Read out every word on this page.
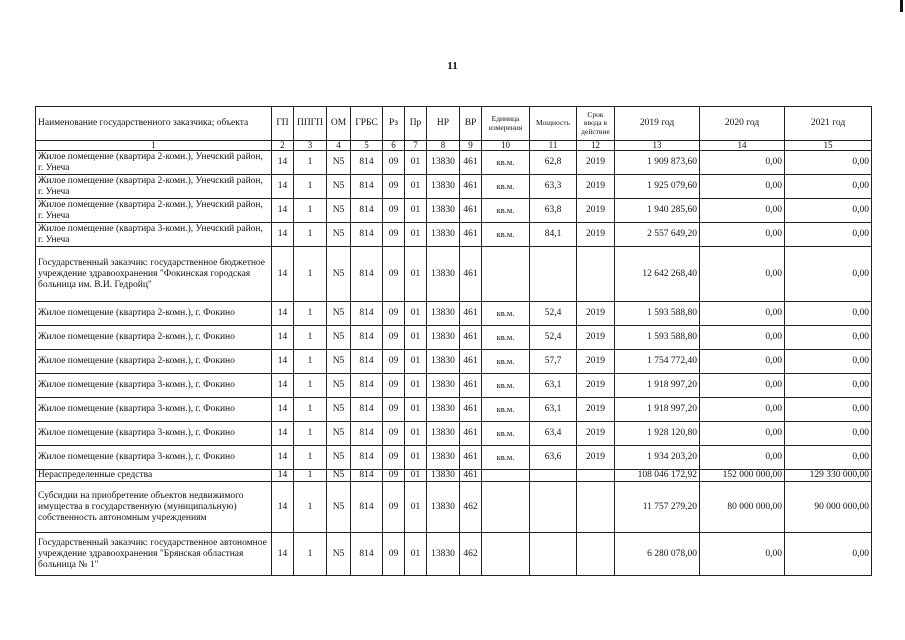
11
Наименование государственного заказчика; объекта	ГП	ППГП	ОМ	ГРБС	Рз	Пр	НР	ВР	Единица измерения	Мощность	Срок ввода в действие	2019 год	2020 год	2021 год
1	2	3	4	5	6	7	8	9	10	11	12	13	14	15
Жилое помещение (квартира 2-комн.), Унечский район, г. Унеча	14	1	N5	814	09	01	13830	461	кв.м.	62,8	2019	1 909 873,60	0,00	0,00
Жилое помещение (квартира 2-комн.), Унечский район, г. Унеча	14	1	N5	814	09	01	13830	461	кв.м.	63,3	2019	1 925 079,60	0,00	0,00
Жилое помещение (квартира 2-комн.), Унечский район, г. Унеча	14	1	N5	814	09	01	13830	461	кв.м.	63,8	2019	1 940 285,60	0,00	0,00
Жилое помещение (квартира 3-комн.), Унечский район, г. Унеча	14	1	N5	814	09	01	13830	461	кв.м.	84,1	2019	2 557 649,20	0,00	0,00
Государственный заказчик: государственное бюджетное учреждение здравоохранения "Фокинская городская больница им. В.И. Гедройц"	14	1	N5	814	09	01	13830	461				12 642 268,40	0,00	0,00
Жилое помещение (квартира 2-комн.), г. Фокино	14	1	N5	814	09	01	13830	461	кв.м.	52,4	2019	1 593 588,80	0,00	0,00
Жилое помещение (квартира 2-комн.), г. Фокино	14	1	N5	814	09	01	13830	461	кв.м.	52,4	2019	1 593 588,80	0,00	0,00
Жилое помещение (квартира 2-комн.), г. Фокино	14	1	N5	814	09	01	13830	461	кв.м.	57,7	2019	1 754 772,40	0,00	0,00
Жилое помещение (квартира 3-комн.), г. Фокино	14	1	N5	814	09	01	13830	461	кв.м.	63,1	2019	1 918 997,20	0,00	0,00
Жилое помещение (квартира 3-комн.), г. Фокино	14	1	N5	814	09	01	13830	461	кв.м.	63,1	2019	1 918 997,20	0,00	0,00
Жилое помещение (квартира 3-комн.), г. Фокино	14	1	N5	814	09	01	13830	461	кв.м.	63,4	2019	1 928 120,80	0,00	0,00
Жилое помещение (квартира 3-комн.), г. Фокино	14	1	N5	814	09	01	13830	461	кв.м.	63,6	2019	1 934 203,20	0,00	0,00
Нераспределенные средства	14	1	N5	814	09	01	13830	461				108 046 172,92	152 000 000,00	129 330 000,00
Субсидии на приобретение объектов недвижимого имущества в государственную (муниципальную) собственность автономным учреждениям	14	1	N5	814	09	01	13830	462				11 757 279,20	80 000 000,00	90 000 000,00
Государственный заказчик: государственное автономное учреждение здравоохранения "Брянская областная больница № 1"	14	1	N5	814	09	01	13830	462				6 280 078,00	0,00	0,00
